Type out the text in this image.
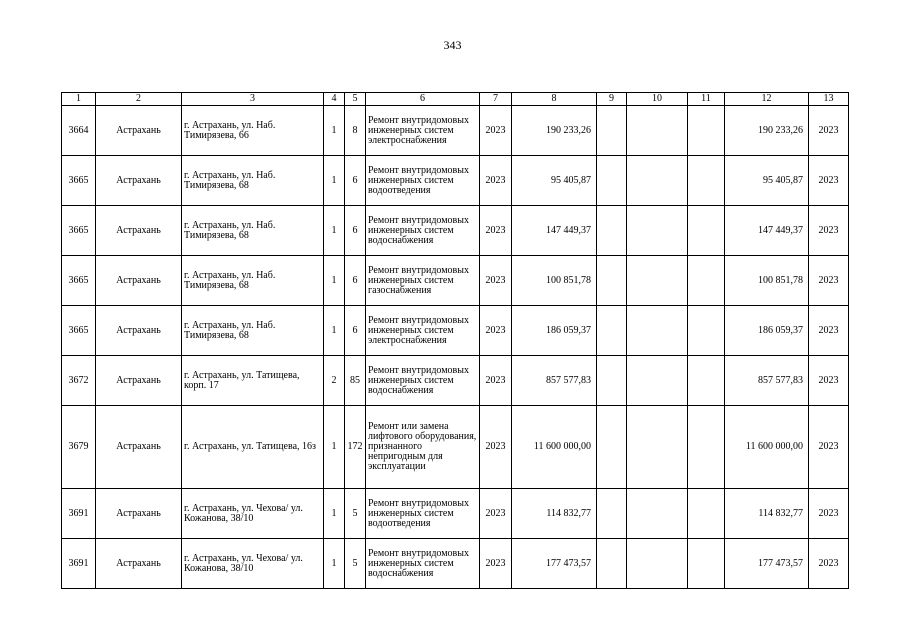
343
1	2	3	4	5	6	7	8	9	10	11	12	13
3664	Астрахань	г. Астрахань, ул. Наб. Тимирязева, 66	1	8	Ремонт внутридомовых инженерных систем электроснабжения	2023	190 233,26				190 233,26	2023
3665	Астрахань	г. Астрахань, ул. Наб. Тимирязева, 68	1	6	Ремонт внутридомовых инженерных систем водоотведения	2023	95 405,87				95 405,87	2023
3665	Астрахань	г. Астрахань, ул. Наб. Тимирязева, 68	1	6	Ремонт внутридомовых инженерных систем водоснабжения	2023	147 449,37				147 449,37	2023
3665	Астрахань	г. Астрахань, ул. Наб. Тимирязева, 68	1	6	Ремонт внутридомовых инженерных систем газоснабжения	2023	100 851,78				100 851,78	2023
3665	Астрахань	г. Астрахань, ул. Наб. Тимирязева, 68	1	6	Ремонт внутридомовых инженерных систем электроснабжения	2023	186 059,37				186 059,37	2023
3672	Астрахань	г. Астрахань, ул. Татищева, корп. 17	2	85	Ремонт внутридомовых инженерных систем водоснабжения	2023	857 577,83				857 577,83	2023
3679	Астрахань	г. Астрахань, ул. Татищева, 16з	1	172	Ремонт или замена лифтового оборудования, признанного непригодным для эксплуатации	2023	11 600 000,00				11 600 000,00	2023
3691	Астрахань	г. Астрахань, ул. Чехова/ ул. Кожанова, 38/10	1	5	Ремонт внутридомовых инженерных систем водоотведения	2023	114 832,77				114 832,77	2023
3691	Астрахань	г. Астрахань, ул. Чехова/ ул. Кожанова, 38/10	1	5	Ремонт внутридомовых инженерных систем водоснабжения	2023	177 473,57				177 473,57	2023
